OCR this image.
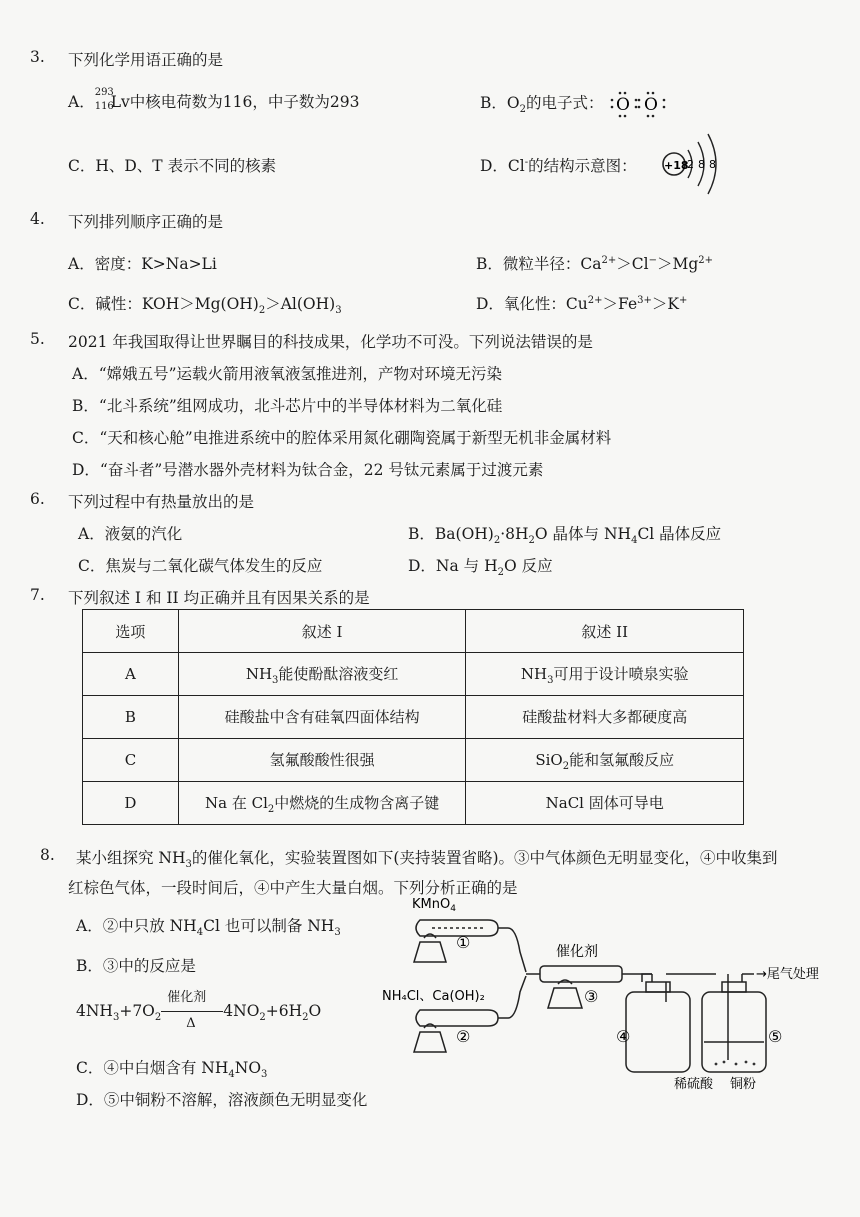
3. 下列化学用语正确的是
A．
293
116
Lv中核电荷数为116，中子数为293	B．$O_2$的电子式： O O
C．H、D、T 表示不同的核素	D．Cl-的结构示意图： +18
2 8 8
4. 下列排列顺序正确的是
A．密度：K>Na>Li	B．微粒半径：$Ca^{2+}>Cl^->Mg^{2+}$
C．碱性：$KOH>Mg(OH)_2>Al(OH)_3$	D．氧化性：$Cu^{2+}>Fe^{3+}>K^+$
5. 2021 年我国取得让世界瞩目的科技成果，化学功不可没。下列说法错误的是
A．“嫦娥五号”运载火箭用液氧液氢推进剂，产物对环境无污染
B．“北斗系统”组网成功，北斗芯片中的半导体材料为二氧化硅
C．“天和核心舱”电推进系统中的腔体采用氮化硼陶瓷属于新型无机非金属材料
D．“奋斗者”号潜水器外壳材料为钛合金，22 号钛元素属于过渡元素
6. 下列过程中有热量放出的是
A．液氨的汽化	B．$Ba(OH)_2\cdot 8H_2O$ 晶体与 $NH_4Cl$ 晶体反应
C．焦炭与二氧化碳气体发生的反应	D．Na 与 $H_2O$ 反应
7. 下列叙述 I 和 II 均正确并且有因果关系的是
选项	叙述 I	叙述 II
A	$NH_3$能使酚酞溶液变红	$NH_3$可用于设计喷泉实验
B	硅酸盐中含有硅氧四面体结构	硅酸盐材料大多都硬度高
C	氢氟酸酸性很强	SiO$_2$能和氢氟酸反应
D	Na 在 $Cl_2$中燃烧的生成物含离子键	NaCl 固体可导电
8. 某小组探究 $NH_3$的催化氧化，实验装置图如下(夹持装置省略)。③中气体颜色无明显变化，④中收集到
红棕色气体，一段时间后，④中产生大量白烟。下列分析正确的是
A．②中只放 $NH_4Cl$ 也可以制备 $NH_3$
B．③中的反应是
$4NH_3+7O_2$
催化剂
Δ
$4NO_2+6H_2O$
C．④中白烟含有 $NH_4NO_3$
D．⑤中铜粉不溶解，溶液颜色无明显变化
KMnO$_4$
①
NH₄Cl、Ca(OH)₂
②
催化剂
③
④
→尾气处理
⑤
稀硫酸 铜粉
